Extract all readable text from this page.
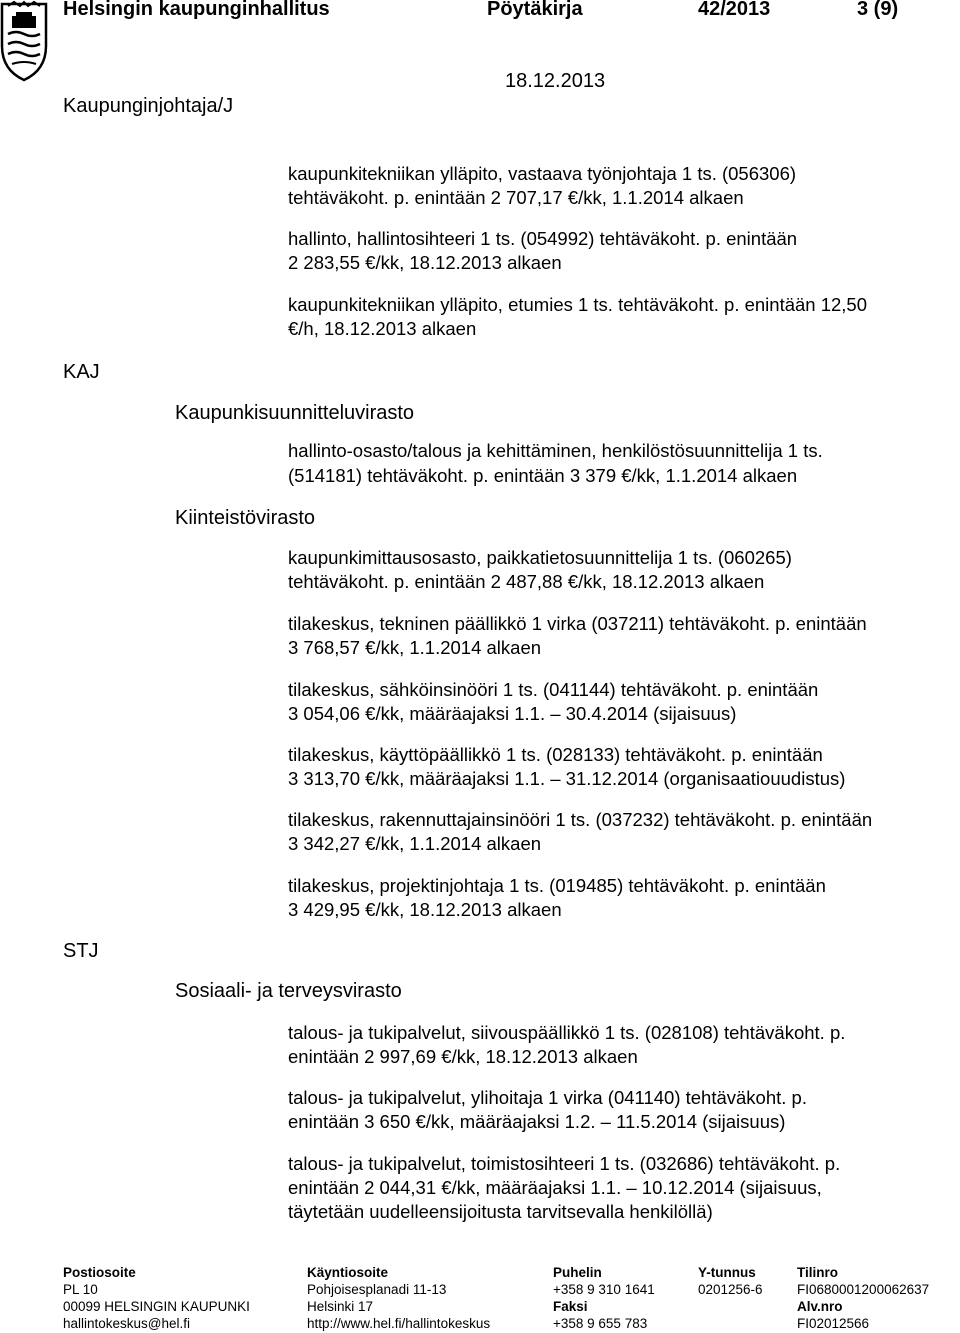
Helsingin kaupunginhallitus	Pöytäkirja	42/2013	3 (9)
18.12.2013
Kaupunginjohtaja/J
KAJ
Kaupunkisuunnitteluvirasto
Kiinteistövirasto
STJ
Sosiaali- ja terveysvirasto
kaupunkitekniikan ylläpito, vastaava työnjohtaja 1 ts. (056306)
tehtäväkoht. p. enintään 2 707,17 €/kk, 1.1.2014 alkaen
hallinto, hallintosihteeri 1 ts. (054992) tehtäväkoht. p. enintään
2 283,55 €/kk, 18.12.2013 alkaen
kaupunkitekniikan ylläpito, etumies 1 ts. tehtäväkoht. p. enintään 12,50
€/h, 18.12.2013 alkaen
hallinto-osasto/talous ja kehittäminen, henkilöstösuunnittelija 1 ts.
(514181) tehtäväkoht. p. enintään 3 379 €/kk, 1.1.2014 alkaen
kaupunkimittausosasto, paikkatietosuunnittelija 1 ts. (060265)
tehtäväkoht. p. enintään 2 487,88 €/kk, 18.12.2013 alkaen
tilakeskus, tekninen päällikkö 1 virka (037211) tehtäväkoht. p. enintään
3 768,57 €/kk, 1.1.2014 alkaen
tilakeskus, sähköinsinööri 1 ts. (041144) tehtäväkoht. p. enintään
3 054,06 €/kk, määräajaksi 1.1. – 30.4.2014 (sijaisuus)
tilakeskus, käyttöpäällikkö 1 ts. (028133) tehtäväkoht. p. enintään
3 313,70 €/kk, määräajaksi 1.1. – 31.12.2014 (organisaatiouudistus)
tilakeskus, rakennuttajainsinööri 1 ts. (037232) tehtäväkoht. p. enintään
3 342,27 €/kk, 1.1.2014 alkaen
tilakeskus, projektinjohtaja 1 ts. (019485) tehtäväkoht. p. enintään
3 429,95 €/kk, 18.12.2013 alkaen
talous- ja tukipalvelut, siivouspäällikkö 1 ts. (028108) tehtäväkoht. p.
enintään 2 997,69 €/kk, 18.12.2013 alkaen
talous- ja tukipalvelut, ylihoitaja 1 virka (041140) tehtäväkoht. p.
enintään 3 650 €/kk, määräajaksi 1.2. – 11.5.2014 (sijaisuus)
talous- ja tukipalvelut, toimistosihteeri 1 ts. (032686) tehtäväkoht. p.
enintään 2 044,31 €/kk, määräajaksi 1.1. – 10.12.2014 (sijaisuus,
täytetään uudelleensijoitusta tarvitsevalla henkilöllä)
Postiosoite
PL 10
00099 HELSINGIN KAUPUNKI
hallintokeskus@hel.fi
Käyntiosoite
Pohjoisesplanadi 11-13
Helsinki 17
http://www.hel.fi/hallintokeskus
Puhelin
+358 9 310 1641
Faksi
+358 9 655 783
Y-tunnus
0201256-6
Tilinro
FI0680001200062637
Alv.nro
FI02012566
